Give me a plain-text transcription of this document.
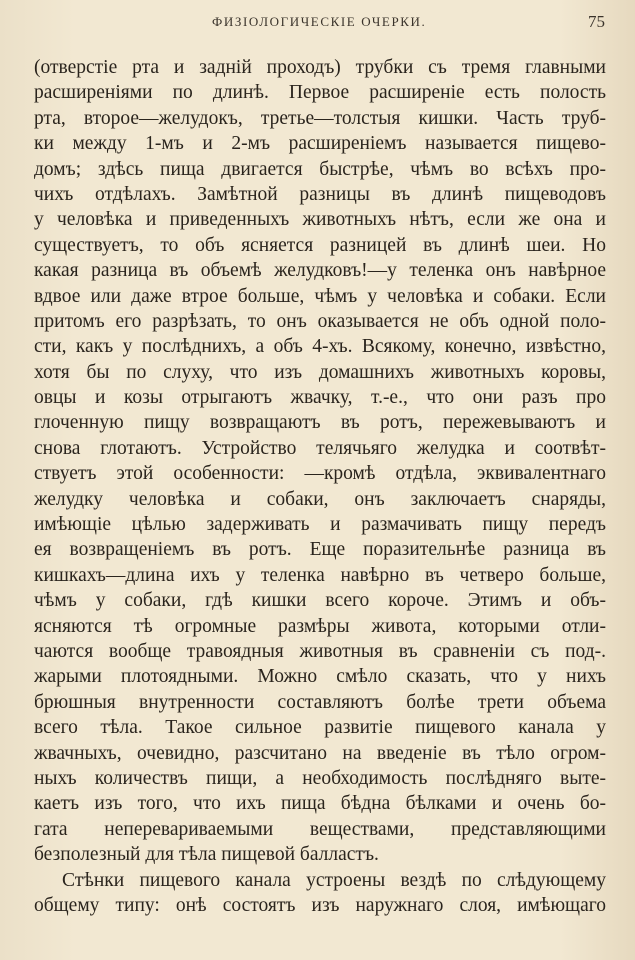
ФИЗІОЛОГИЧЕСКІЕ ОЧЕРКИ.	75
(отверстіе рта и задній проходъ) трубки съ тремя главными
расширеніями по длинѣ. Первое расширеніе есть полость
рта, второе—желудокъ, третье—толстыя кишки. Часть труб-
ки между 1-мъ и 2-мъ расширеніемъ называется пищево-
домъ; здѣсь пища двигается быстрѣе, чѣмъ во всѣхъ про-
чихъ отдѣлахъ. Замѣтной разницы въ длинѣ пищеводовъ
у человѣка и приведенныхъ животныхъ нѣтъ, если же она и
существуетъ, то объ ясняется разницей въ длинѣ шеи. Но
какая разница въ объемѣ желудковъ!—у теленка онъ навѣрное
вдвое или даже втрое больше, чѣмъ у человѣка и собаки. Если
притомъ его разрѣзать, то онъ оказывается не объ одной поло-
сти, какъ у послѣднихъ, а объ 4-хъ. Всякому, конечно, извѣстно,
хотя бы по слуху, что изъ домашнихъ животныхъ коровы,
овцы и козы отрыгаютъ жвачку, т.-е., что они разъ про
глоченную пищу возвращаютъ въ ротъ, пережевываютъ и
снова глотаютъ. Устройство телячьяго желудка и соотвѣт-
ствуетъ этой особенности: —кромѣ отдѣла, эквивалентнаго
желудку человѣка и собаки, онъ заключаетъ снаряды,
имѣющіе цѣлью задерживать и размачивать пищу передъ
ея возвращеніемъ въ ротъ. Еще поразительнѣе разница въ
кишкахъ—длина ихъ у теленка навѣрно въ четверо больше,
чѣмъ у собаки, гдѣ кишки всего короче. Этимъ и объ-
ясняются тѣ огромные размѣры живота, которыми отли-
чаются вообще травоядныя животныя въ сравненіи съ под-.
жарыми плотоядными. Можно смѣло сказать, что у нихъ
брюшныя внутренности составляютъ болѣе трети объема
всего тѣла. Такое сильное развитіе пищевого канала у
жвачныхъ, очевидно, разсчитано на введеніе въ тѣло огром-
ныхъ количествъ пищи, а необходимость послѣдняго выте-
каетъ изъ того, что ихъ пища бѣдна бѣлками и очень бо-
гата неперевариваемыми веществами, представляющими
безполезный для тѣла пищевой балластъ.
Стѣнки пищевого канала устроены вездѣ по слѣдующему
общему типу: онѣ состоятъ изъ наружнаго слоя, имѣющаго
